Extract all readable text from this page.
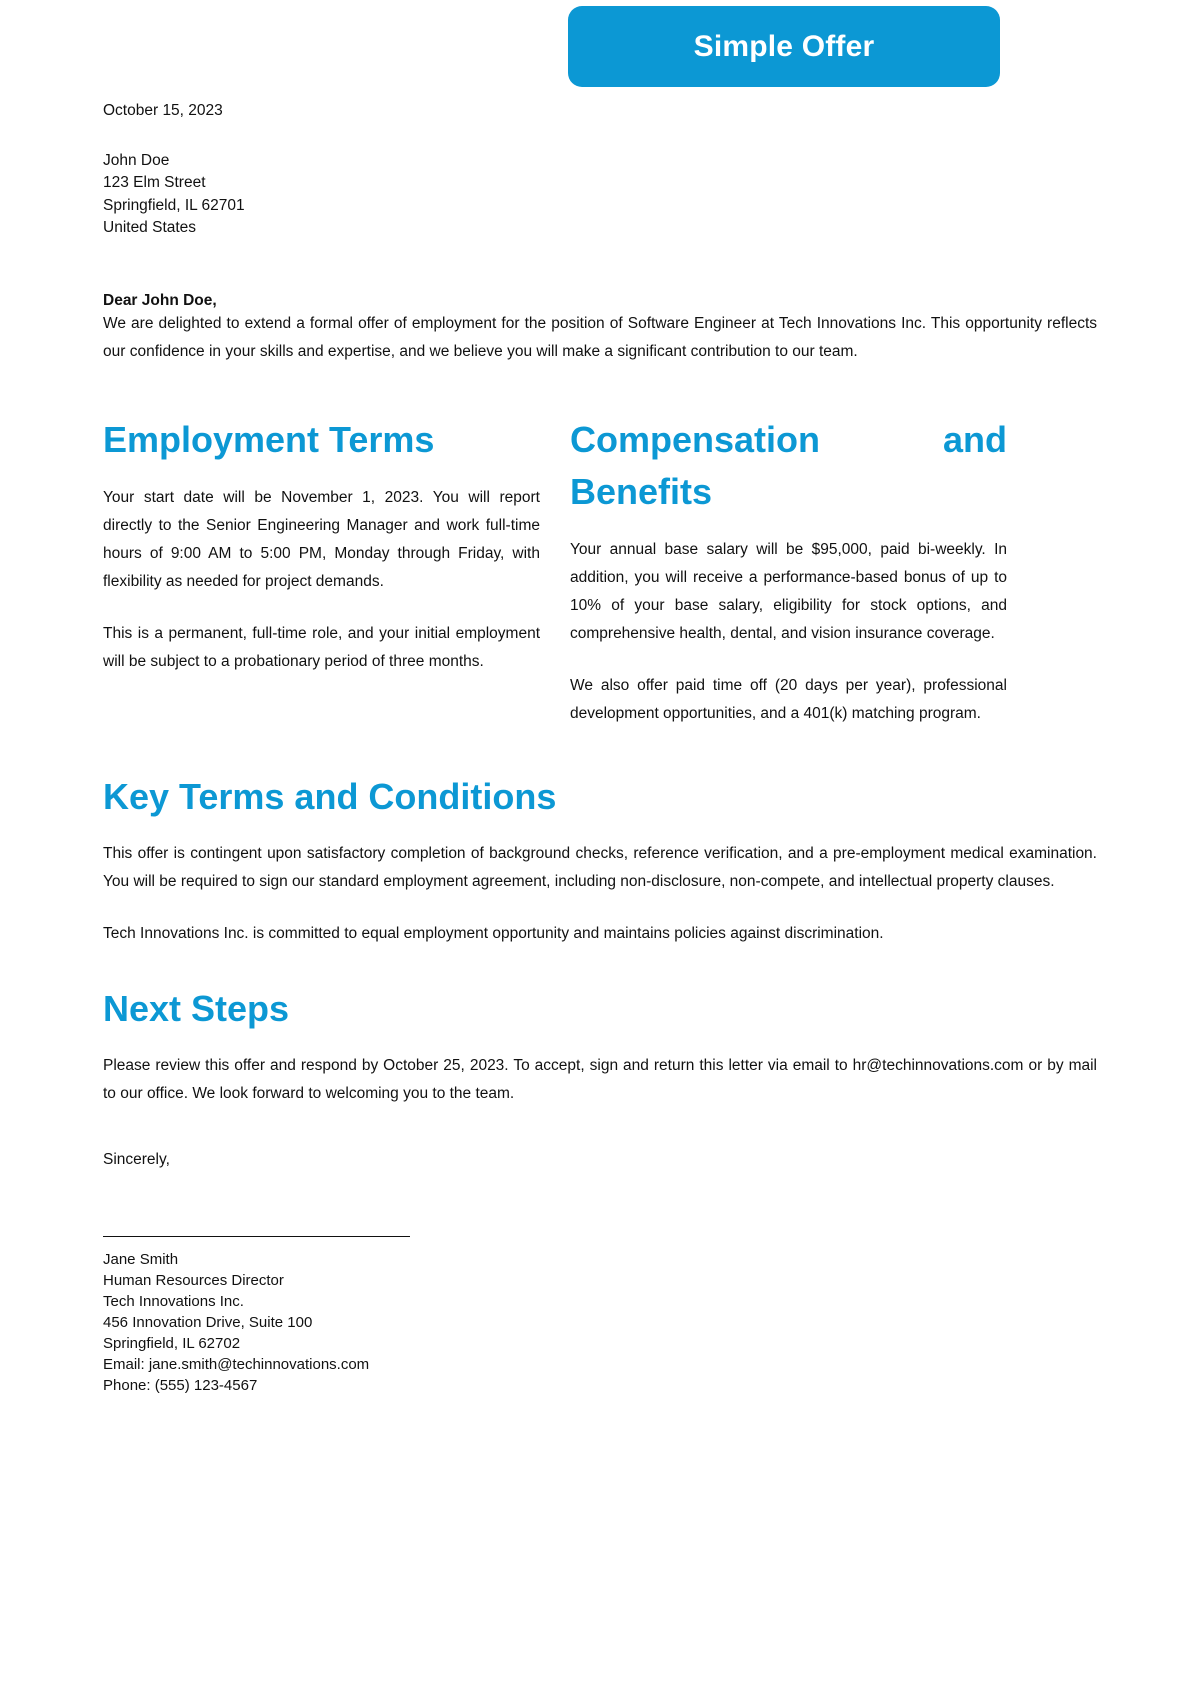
October 15, 2023
John Doe
123 Elm Street
Springfield, IL 62701
United States
Simple Offer
Dear John Doe,

We are delighted to extend a formal offer of employment for the position of Software Engineer at Tech Innovations Inc. This opportunity reflects our confidence in your skills and expertise, and we believe you will make a significant contribution to our team.

Employment Terms

Your start date will be November 1, 2023. You will report directly to the Senior Engineering Manager and work full-time hours of 9:00 AM to 5:00 PM, Monday through Friday, with flexibility as needed for project demands.

This is a permanent, full-time role, and your initial employment will be subject to a probationary period of three months.

Compensation and Benefits

Your annual base salary will be $95,000, paid bi-weekly. In addition, you will receive a performance-based bonus of up to 10% of your base salary, eligibility for stock options, and comprehensive health, dental, and vision insurance coverage.

We also offer paid time off (20 days per year), professional development opportunities, and a 401(k) matching program.

Key Terms and Conditions

This offer is contingent upon satisfactory completion of background checks, reference verification, and a pre-employment medical examination. You will be required to sign our standard employment agreement, including non-disclosure, non-compete, and intellectual property clauses.

Tech Innovations Inc. is committed to equal employment opportunity and maintains policies against discrimination.

Next Steps

Please review this offer and respond by October 25, 2023. To accept, sign and return this letter via email to hr@techinnovations.com or by mail to our office. We look forward to welcoming you to the team.

Sincerely,
Jane Smith
Human Resources Director
Tech Innovations Inc.
456 Innovation Drive, Suite 100
Springfield, IL 62702
Email: jane.smith@techinnovations.com
Phone: (555) 123-4567
